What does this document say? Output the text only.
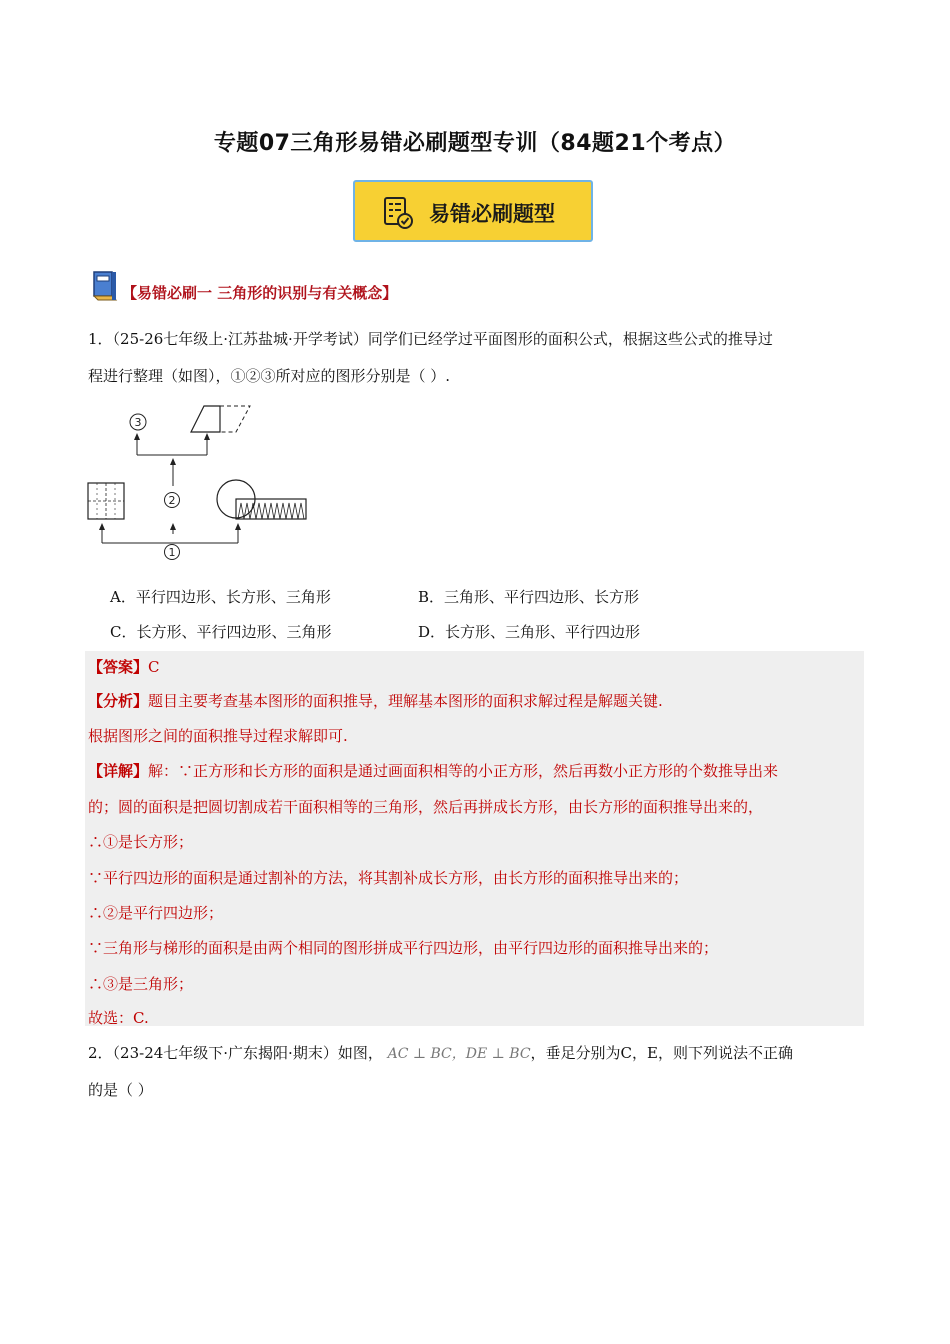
专题07三角形易错必刷题型专训（84题21个考点）
易错必刷题型
【易错必刷一 三角形的识别与有关概念】
1．（25-26七年级上·江苏盐城·开学考试）同学们已经学过平面图形的面积公式，根据这些公式的推导过
程进行整理（如图），①②③所对应的图形分别是（ ）.
3
2
1
A．平行四边形、长方形、三角形	B．三角形、平行四边形、长方形
C．长方形、平行四边形、三角形	D．长方形、三角形、平行四边形
【答案】C
【分析】题目主要考查基本图形的面积推导，理解基本图形的面积求解过程是解题关键.
根据图形之间的面积推导过程求解即可.
【详解】解：∵正方形和长方形的面积是通过画面积相等的小正方形，然后再数小正方形的个数推导出来
的；圆的面积是把圆切割成若干面积相等的三角形，然后再拼成长方形，由长方形的面积推导出来的，
∴①是长方形；
∵平行四边形的面积是通过割补的方法，将其割补成长方形，由长方形的面积推导出来的；
∴②是平行四边形；
∵三角形与梯形的面积是由两个相同的图形拼成平行四边形，由平行四边形的面积推导出来的；
∴③是三角形；
故选：C.
2．（23-24七年级下·广东揭阳·期末）如图， AC ⊥ BC，DE ⊥ BC，垂足分别为C，E，则下列说法不正确
的是（ ）
